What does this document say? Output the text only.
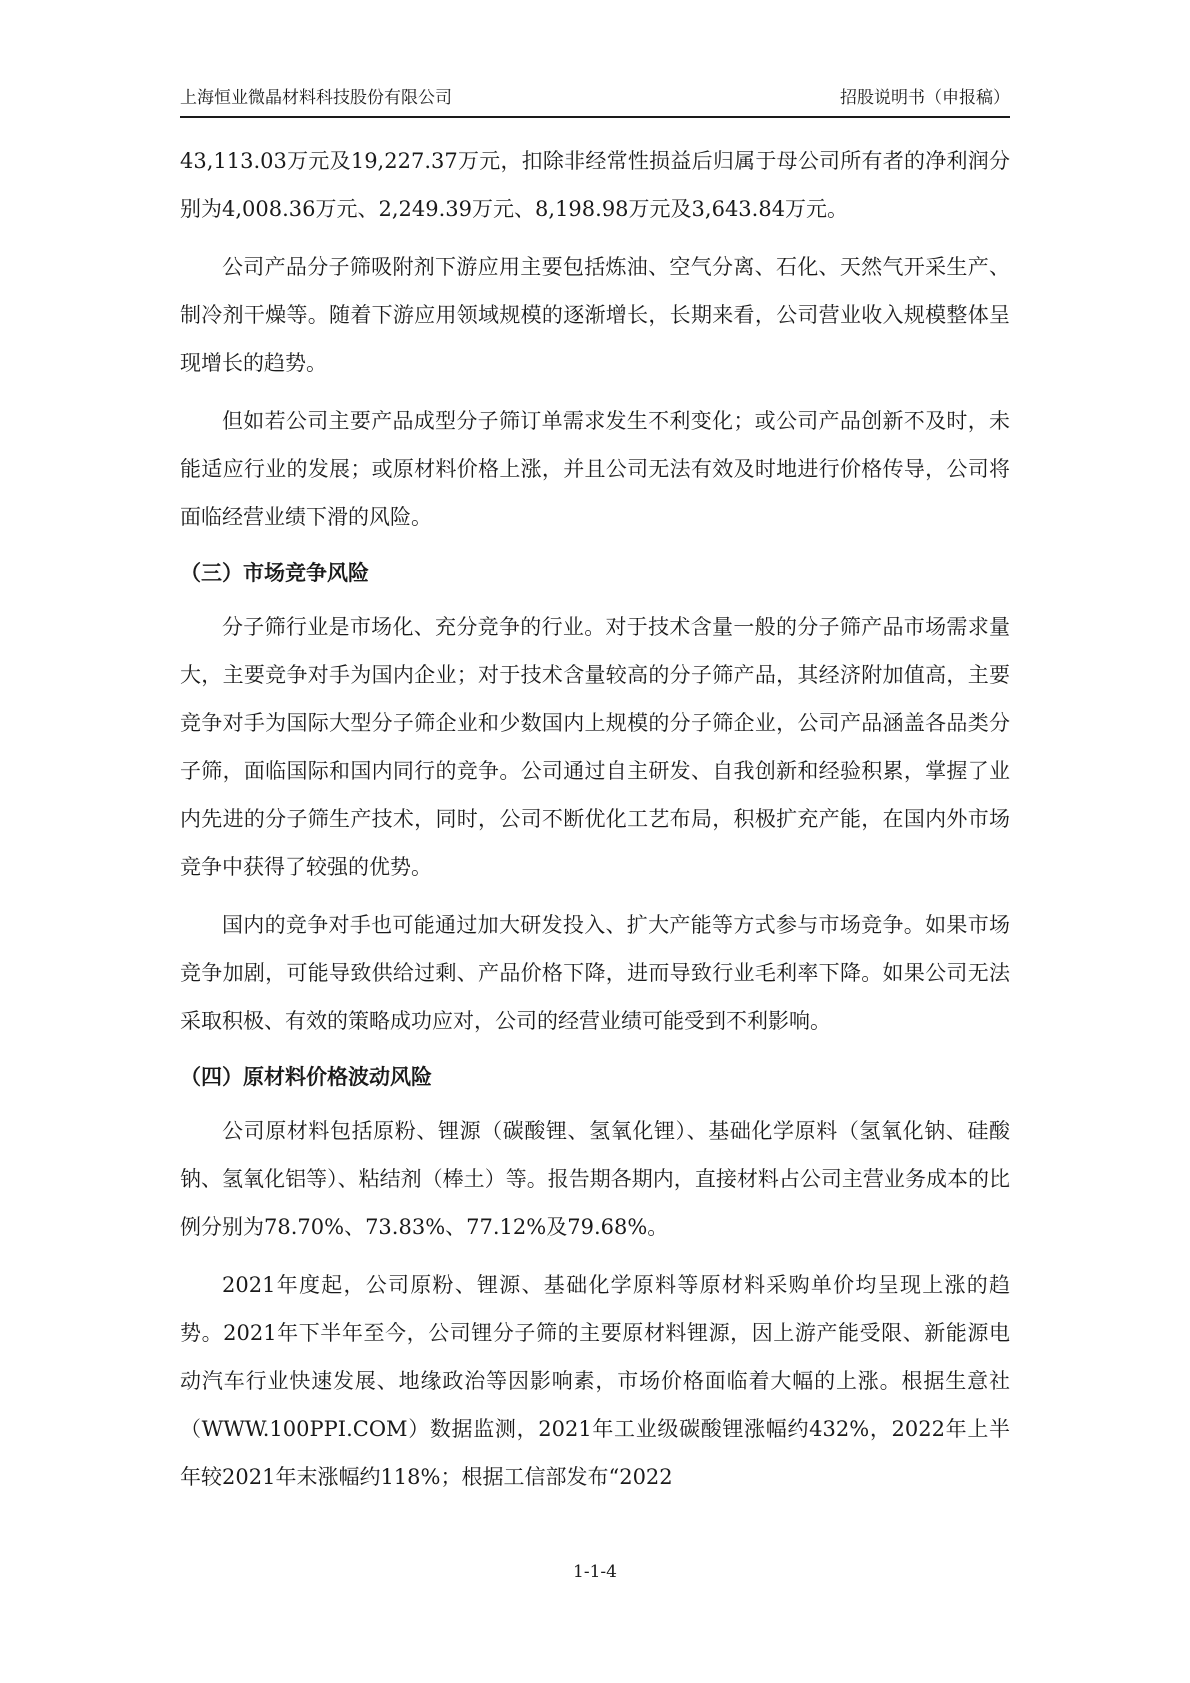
上海恒业微晶材料科技股份有限公司	招股说明书（申报稿）

43,113.03万元及19,227.37万元，扣除非经常性损益后归属于母公司所有者的净利润分别为4,008.36万元、2,249.39万元、8,198.98万元及3,643.84万元。

公司产品分子筛吸附剂下游应用主要包括炼油、空气分离、石化、天然气开采生产、制冷剂干燥等。随着下游应用领域规模的逐渐增长，长期来看，公司营业收入规模整体呈现增长的趋势。

但如若公司主要产品成型分子筛订单需求发生不利变化；或公司产品创新不及时，未能适应行业的发展；或原材料价格上涨，并且公司无法有效及时地进行价格传导，公司将面临经营业绩下滑的风险。

（三）市场竞争风险

分子筛行业是市场化、充分竞争的行业。对于技术含量一般的分子筛产品市场需求量大，主要竞争对手为国内企业；对于技术含量较高的分子筛产品，其经济附加值高，主要竞争对手为国际大型分子筛企业和少数国内上规模的分子筛企业，公司产品涵盖各品类分子筛，面临国际和国内同行的竞争。公司通过自主研发、自我创新和经验积累，掌握了业内先进的分子筛生产技术，同时，公司不断优化工艺布局，积极扩充产能，在国内外市场竞争中获得了较强的优势。

国内的竞争对手也可能通过加大研发投入、扩大产能等方式参与市场竞争。如果市场竞争加剧，可能导致供给过剩、产品价格下降，进而导致行业毛利率下降。如果公司无法采取积极、有效的策略成功应对，公司的经营业绩可能受到不利影响。

（四）原材料价格波动风险

公司原材料包括原粉、锂源（碳酸锂、氢氧化锂）、基础化学原料（氢氧化钠、硅酸钠、氢氧化铝等）、粘结剂（棒土）等。报告期各期内，直接材料占公司主营业务成本的比例分别为78.70%、73.83%、77.12%及79.68%。

2021年度起，公司原粉、锂源、基础化学原料等原材料采购单价均呈现上涨的趋势。2021年下半年至今，公司锂分子筛的主要原材料锂源，因上游产能受限、新能源电动汽车行业快速发展、地缘政治等因影响素，市场价格面临着大幅的上涨。根据生意社（WWW.100PPI.COM）数据监测，2021年工业级碳酸锂涨幅约432%，2022年上半年较2021年末涨幅约118%；根据工信部发布“2022

1-1-4
